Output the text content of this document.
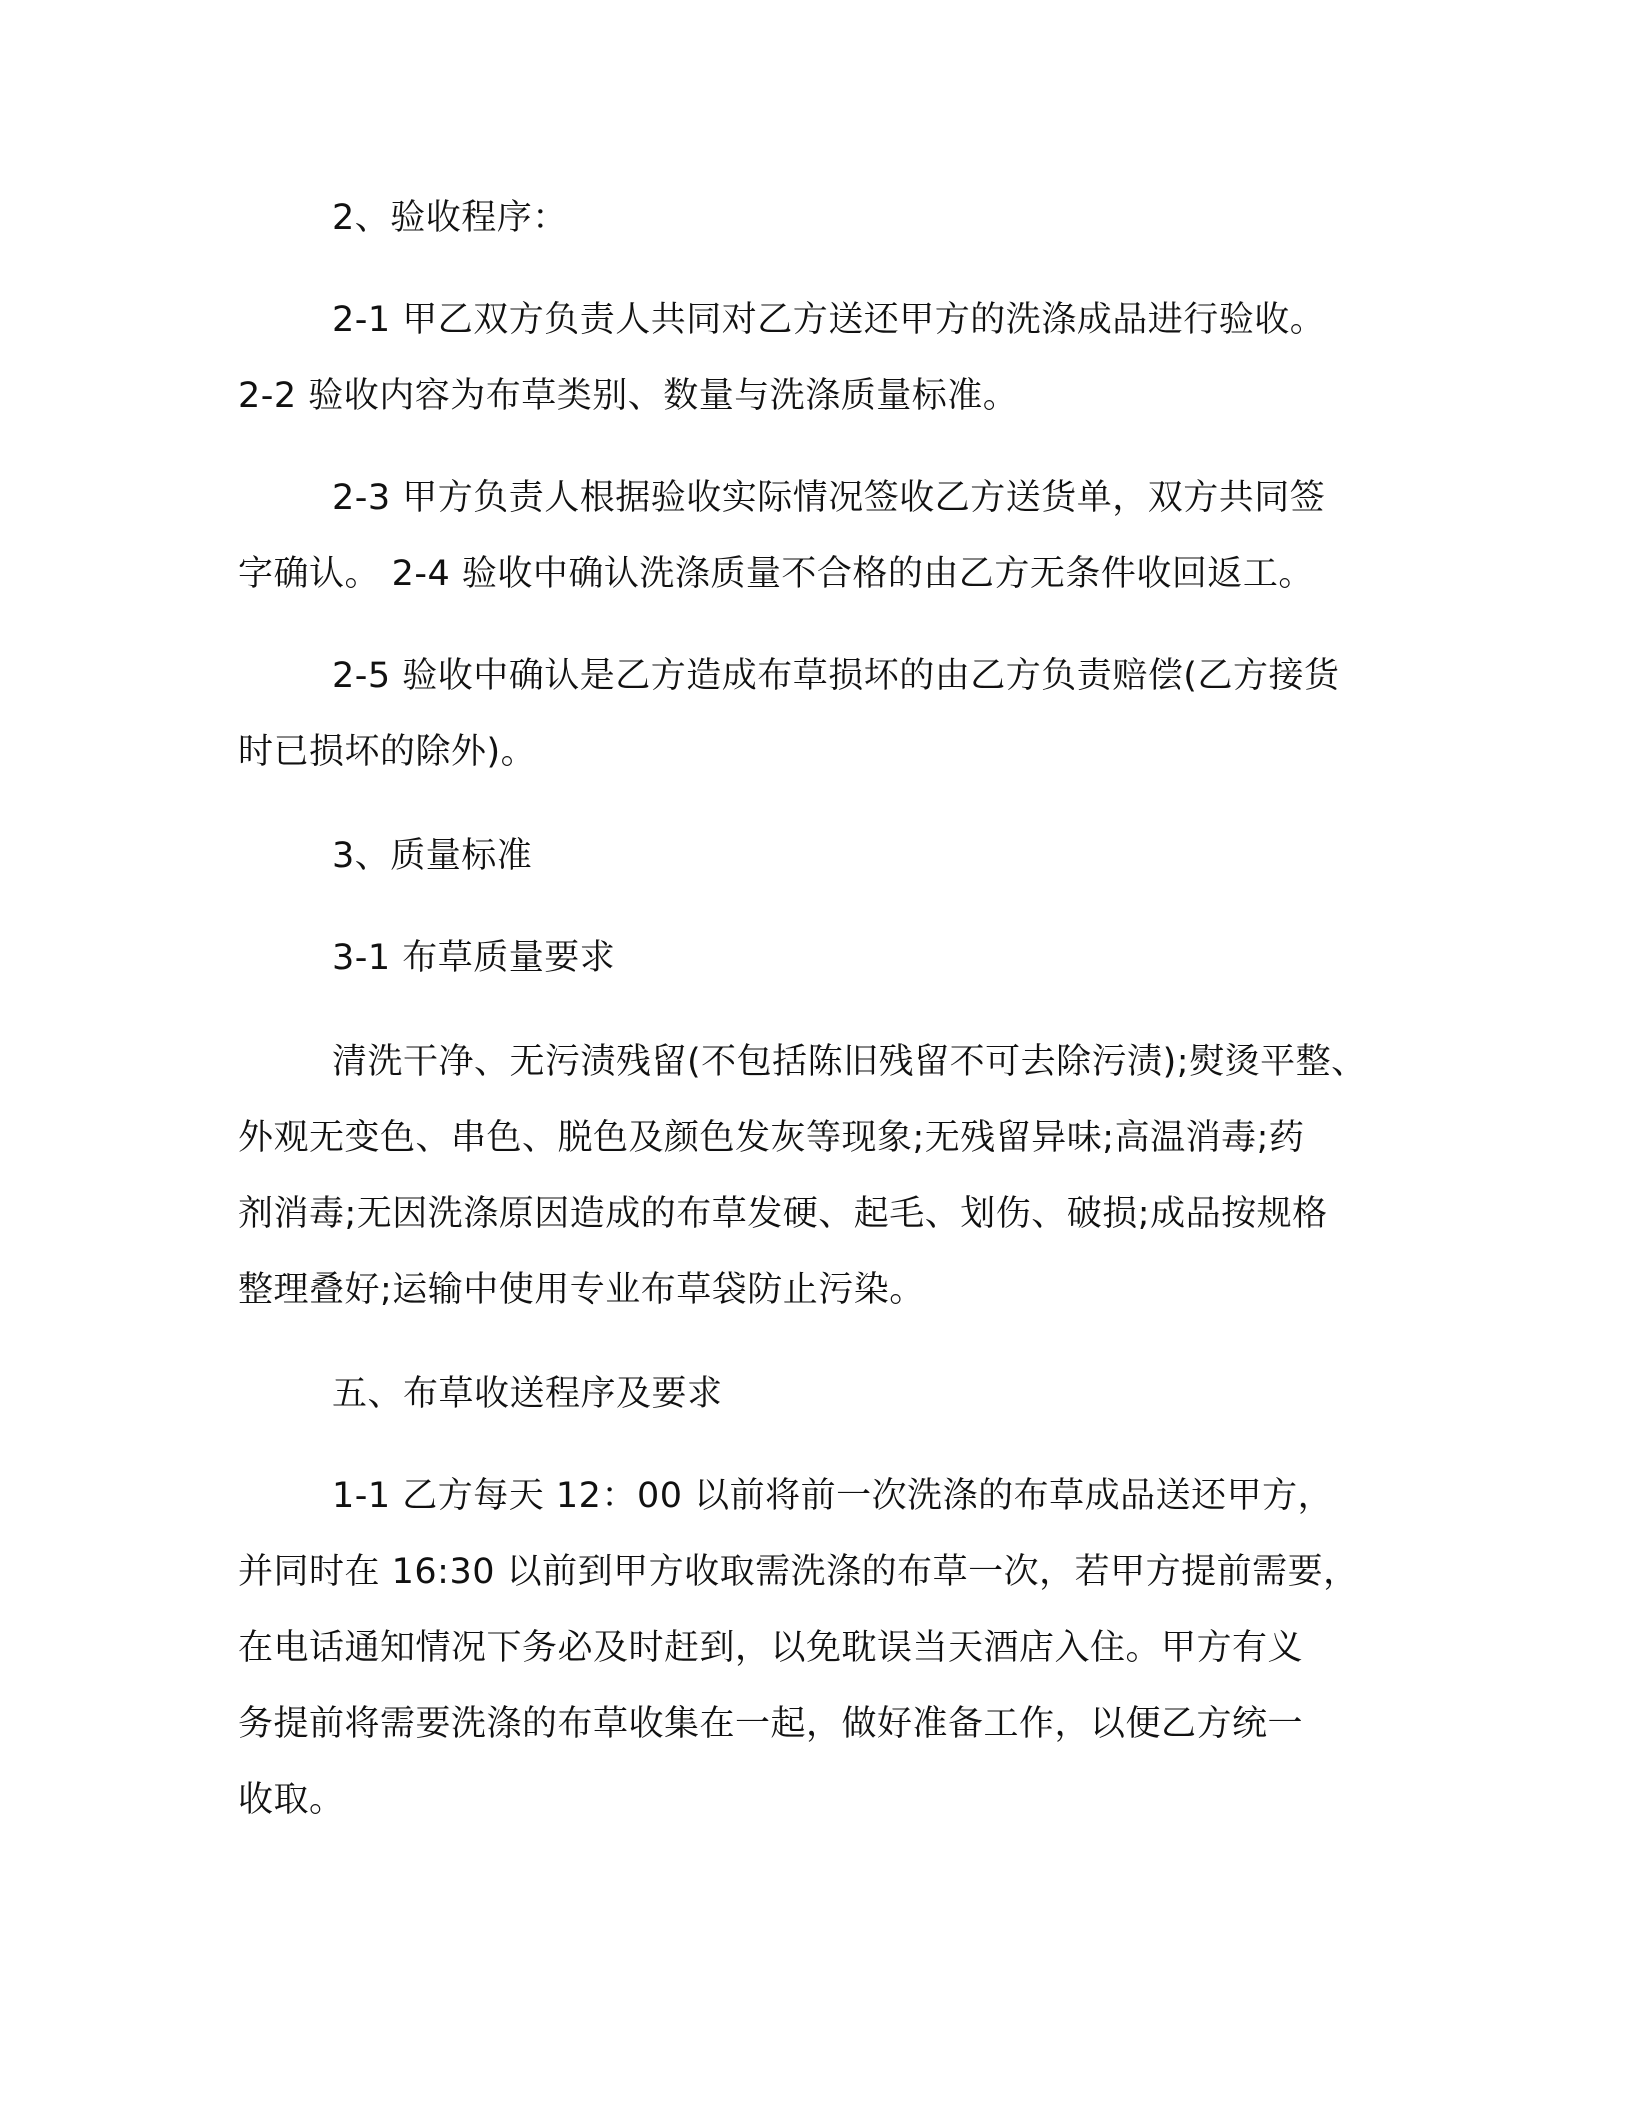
2、验收程序：

2-1 甲乙双方负责人共同对乙方送还甲方的洗涤成品进行验收。

2-2 验收内容为布草类别、数量与洗涤质量标准。

2-3 甲方负责人根据验收实际情况签收乙方送货单，双方共同签

字确认。 2-4 验收中确认洗涤质量不合格的由乙方无条件收回返工。

2-5 验收中确认是乙方造成布草损坏的由乙方负责赔偿(乙方接货

时已损坏的除外)。

3、质量标准

3-1 布草质量要求

清洗干净、无污渍残留(不包括陈旧残留不可去除污渍);熨烫平整、

外观无变色、串色、脱色及颜色发灰等现象;无残留异味;高温消毒;药

剂消毒;无因洗涤原因造成的布草发硬、起毛、划伤、破损;成品按规格

整理叠好;运输中使用专业布草袋防止污染。

五、布草收送程序及要求

1-1 乙方每天 12：00 以前将前一次洗涤的布草成品送还甲方，

并同时在 16:30 以前到甲方收取需洗涤的布草一次，若甲方提前需要，

在电话通知情况下务必及时赶到，以免耽误当天酒店入住。甲方有义

务提前将需要洗涤的布草收集在一起，做好准备工作，以便乙方统一

收取。
